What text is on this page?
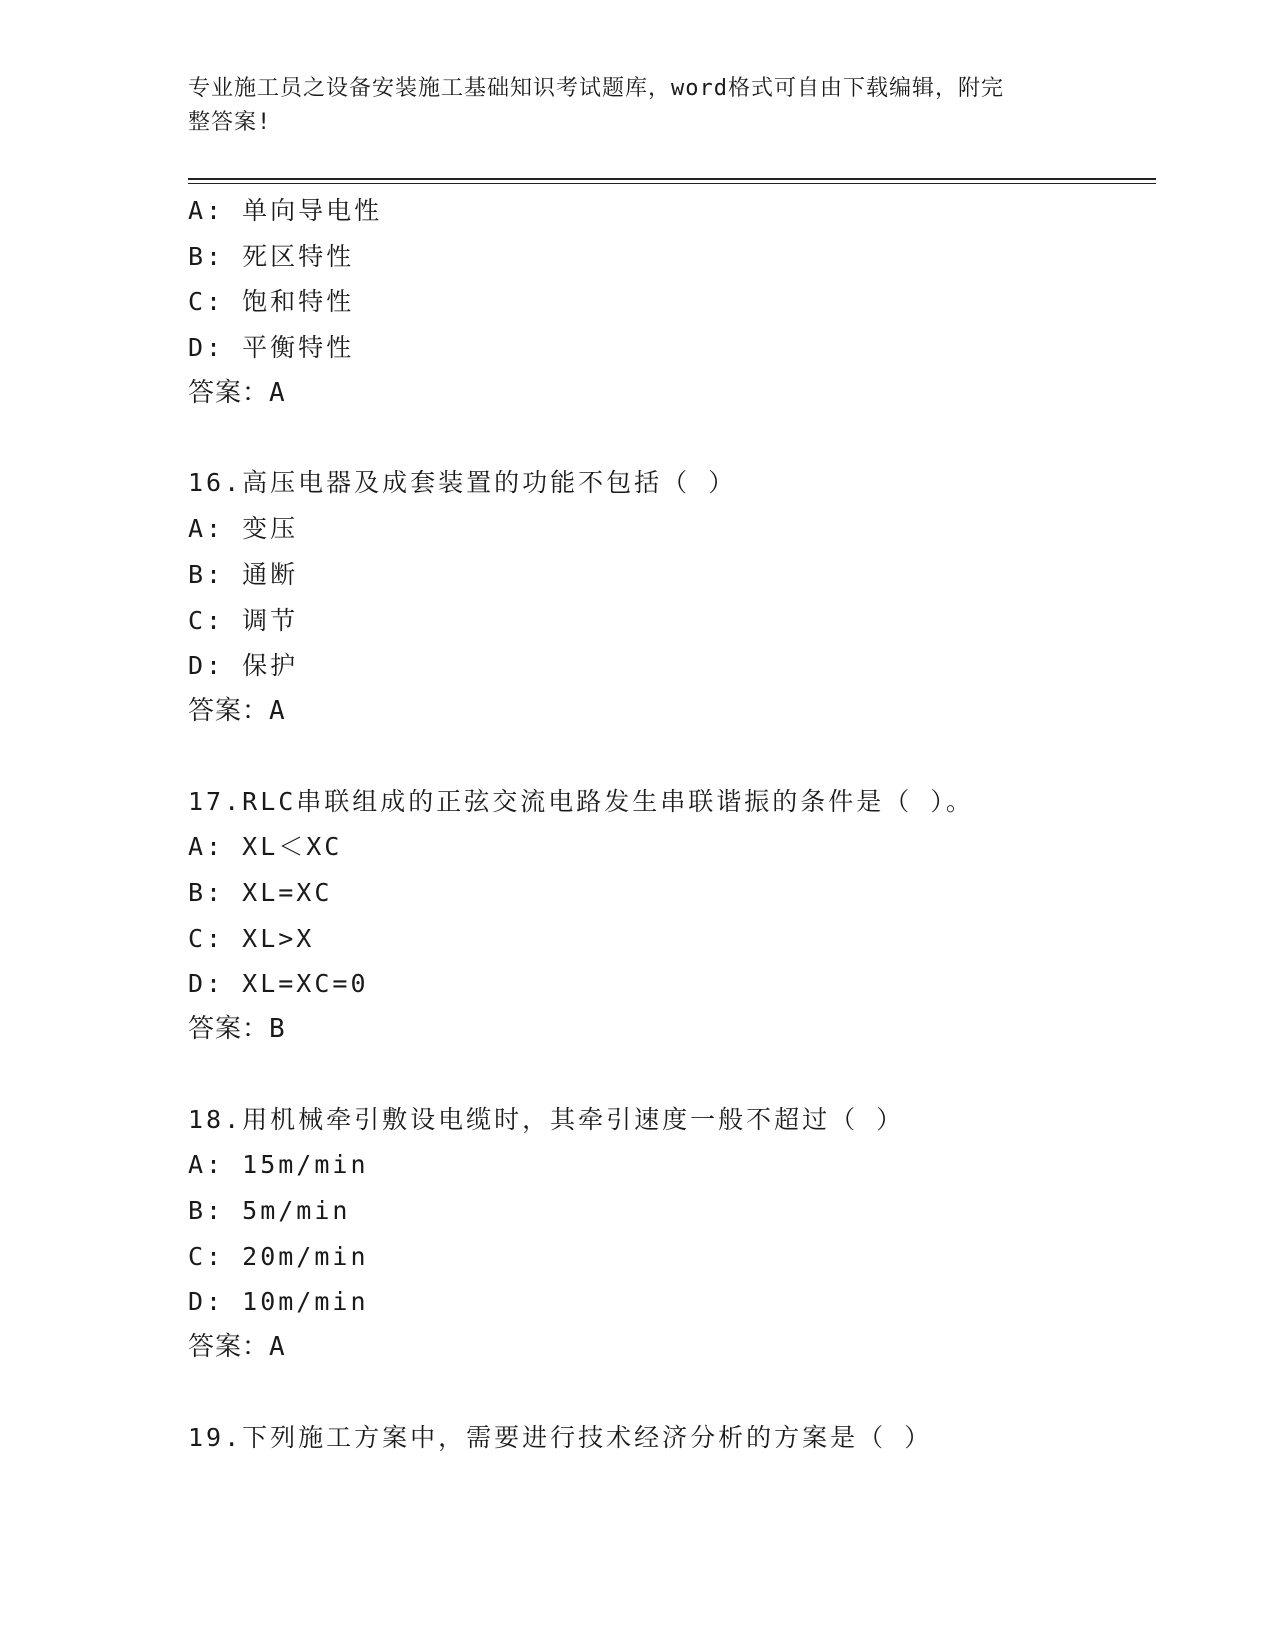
专业施工员之设备安装施工基础知识考试题库，word格式可自由下载编辑，附完
整答案!
A: 单向导电性
B: 死区特性
C: 饱和特性
D: 平衡特性
答案：A
16.高压电器及成套装置的功能不包括（ ）
A: 变压
B: 通断
C: 调节
D: 保护
答案：A
17.RLC串联组成的正弦交流电路发生串联谐振的条件是（ ）。
A: XL＜XC
B: XL=XC
C: XL>X
D: XL=XC=0
答案：B
18.用机械牵引敷设电缆时，其牵引速度一般不超过（ ）
A: 15m/min
B: 5m/min
C: 20m/min
D: 10m/min
答案：A
19.下列施工方案中，需要进行技术经济分析的方案是（ ）
